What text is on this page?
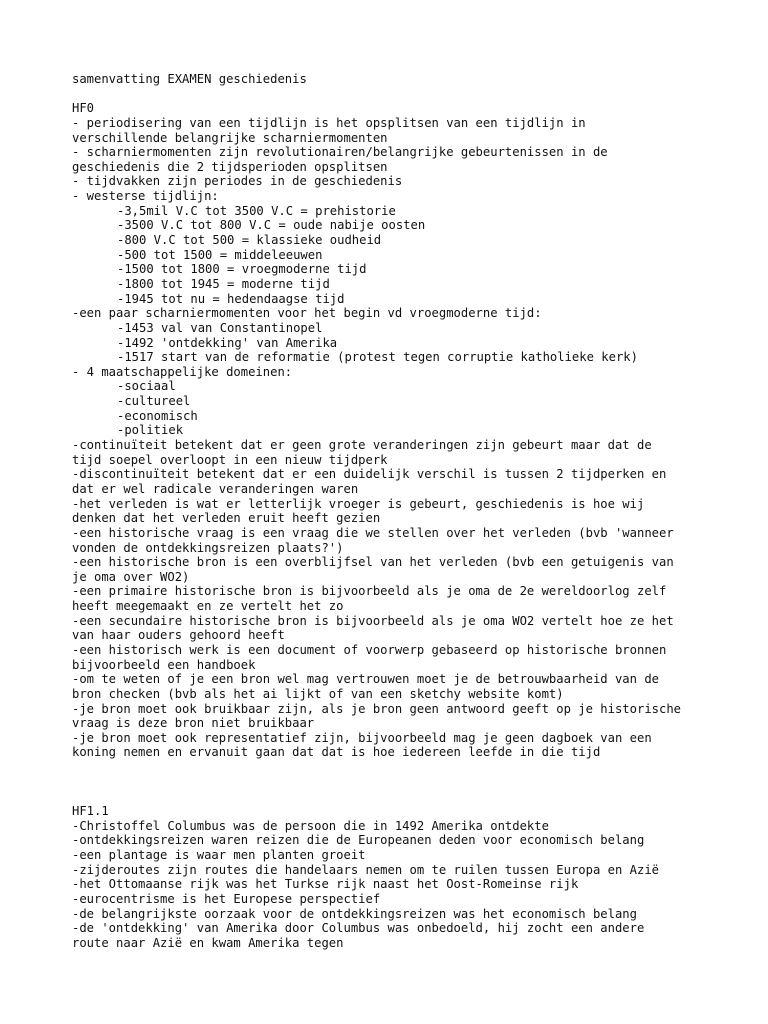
samenvatting EXAMEN geschiedenis
HF0
- periodisering van een tijdlijn is het opsplitsen van een tijdlijn in
verschillende belangrijke scharniermomenten
- scharniermomenten zijn revolutionairen/belangrijke gebeurtenissen in de
geschiedenis die 2 tijdsperioden opsplitsen
- tijdvakken zijn periodes in de geschiedenis
- westerse tijdlijn:
-3,5mil V.C tot 3500 V.C = prehistorie
-3500 V.C tot 800 V.C = oude nabije oosten
-800 V.C tot 500 = klassieke oudheid
-500 tot 1500 = middeleeuwen
-1500 tot 1800 = vroegmoderne tijd
-1800 tot 1945 = moderne tijd
-1945 tot nu = hedendaagse tijd
-een paar scharniermomenten voor het begin vd vroegmoderne tijd:
-1453 val van Constantinopel
-1492 'ontdekking' van Amerika
-1517 start van de reformatie (protest tegen corruptie katholieke kerk)
- 4 maatschappelijke domeinen:
-sociaal
-cultureel
-economisch
-politiek
-continuïteit betekent dat er geen grote veranderingen zijn gebeurt maar dat de
tijd soepel overloopt in een nieuw tijdperk
-discontinuïteit betekent dat er een duidelijk verschil is tussen 2 tijdperken en
dat er wel radicale veranderingen waren
-het verleden is wat er letterlijk vroeger is gebeurt, geschiedenis is hoe wij
denken dat het verleden eruit heeft gezien
-een historische vraag is een vraag die we stellen over het verleden (bvb 'wanneer
vonden de ontdekkingsreizen plaats?')
-een historische bron is een overblijfsel van het verleden (bvb een getuigenis van
je oma over WO2)
-een primaire historische bron is bijvoorbeeld als je oma de 2e wereldoorlog zelf
heeft meegemaakt en ze vertelt het zo
-een secundaire historische bron is bijvoorbeeld als je oma WO2 vertelt hoe ze het
van haar ouders gehoord heeft
-een historisch werk is een document of voorwerp gebaseerd op historische bronnen
bijvoorbeeld een handboek
-om te weten of je een bron wel mag vertrouwen moet je de betrouwbaarheid van de
bron checken (bvb als het ai lijkt of van een sketchy website komt)
-je bron moet ook bruikbaar zijn, als je bron geen antwoord geeft op je historische
vraag is deze bron niet bruikbaar
-je bron moet ook representatief zijn, bijvoorbeeld mag je geen dagboek van een
koning nemen en ervanuit gaan dat dat is hoe iedereen leefde in die tijd
HF1.1
-Christoffel Columbus was de persoon die in 1492 Amerika ontdekte
-ontdekkingsreizen waren reizen die de Europeanen deden voor economisch belang
-een plantage is waar men planten groeit
-zijderoutes zijn routes die handelaars nemen om te ruilen tussen Europa en Azië
-het Ottomaanse rijk was het Turkse rijk naast het Oost-Romeinse rijk
-eurocentrisme is het Europese perspectief
-de belangrijkste oorzaak voor de ontdekkingsreizen was het economisch belang
-de 'ontdekking' van Amerika door Columbus was onbedoeld, hij zocht een andere
route naar Azië en kwam Amerika tegen
